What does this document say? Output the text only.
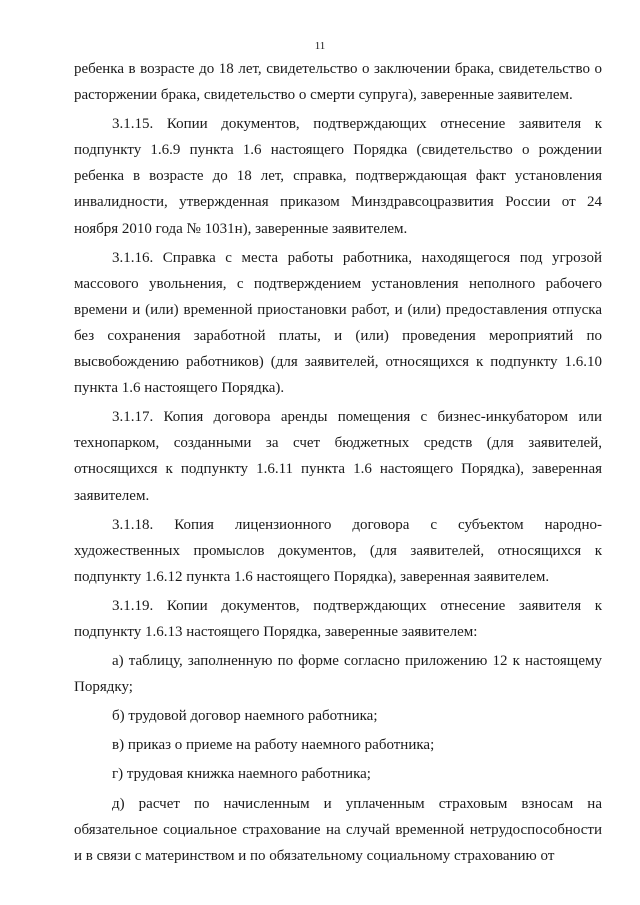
11

ребенка в возрасте до 18 лет, свидетельство о заключении брака, свидетельство о расторжении брака, свидетельство о смерти супруга), заверенные заявителем.

3.1.15. Копии документов, подтверждающих отнесение заявителя к подпункту 1.6.9 пункта 1.6 настоящего Порядка (свидетельство о рождении ребенка в возрасте до 18 лет, справка, подтверждающая факт установления инвалидности, утвержденная приказом Минздравсоцразвития России от 24 ноября 2010 года № 1031н), заверенные заявителем.

3.1.16. Справка с места работы работника, находящегося под угрозой массового увольнения, с подтверждением установления неполного рабочего времени и (или) временной приостановки работ, и (или) предоставления отпуска без сохранения заработной платы, и (или) проведения мероприятий по высвобождению работников) (для заявителей, относящихся к подпункту 1.6.10 пункта 1.6 настоящего Порядка).

3.1.17. Копия договора аренды помещения с бизнес-инкубатором или технопарком, созданными за счет бюджетных средств (для заявителей, относящихся к подпункту 1.6.11 пункта 1.6 настоящего Порядка), заверенная заявителем.

3.1.18. Копия лицензионного договора с субъектом народно-художественных промыслов документов, (для заявителей, относящихся к подпункту 1.6.12 пункта 1.6 настоящего Порядка), заверенная заявителем.

3.1.19. Копии документов, подтверждающих отнесение заявителя к подпункту 1.6.13 настоящего Порядка, заверенные заявителем:

а) таблицу, заполненную по форме согласно приложению 12 к настоящему Порядку;

б) трудовой договор наемного работника;

в) приказ о приеме на работу наемного работника;

г) трудовая книжка наемного работника;

д) расчет по начисленным и уплаченным страховым взносам на обязательное социальное страхование на случай временной нетрудоспособности и в связи с материнством и по обязательному социальному страхованию от
